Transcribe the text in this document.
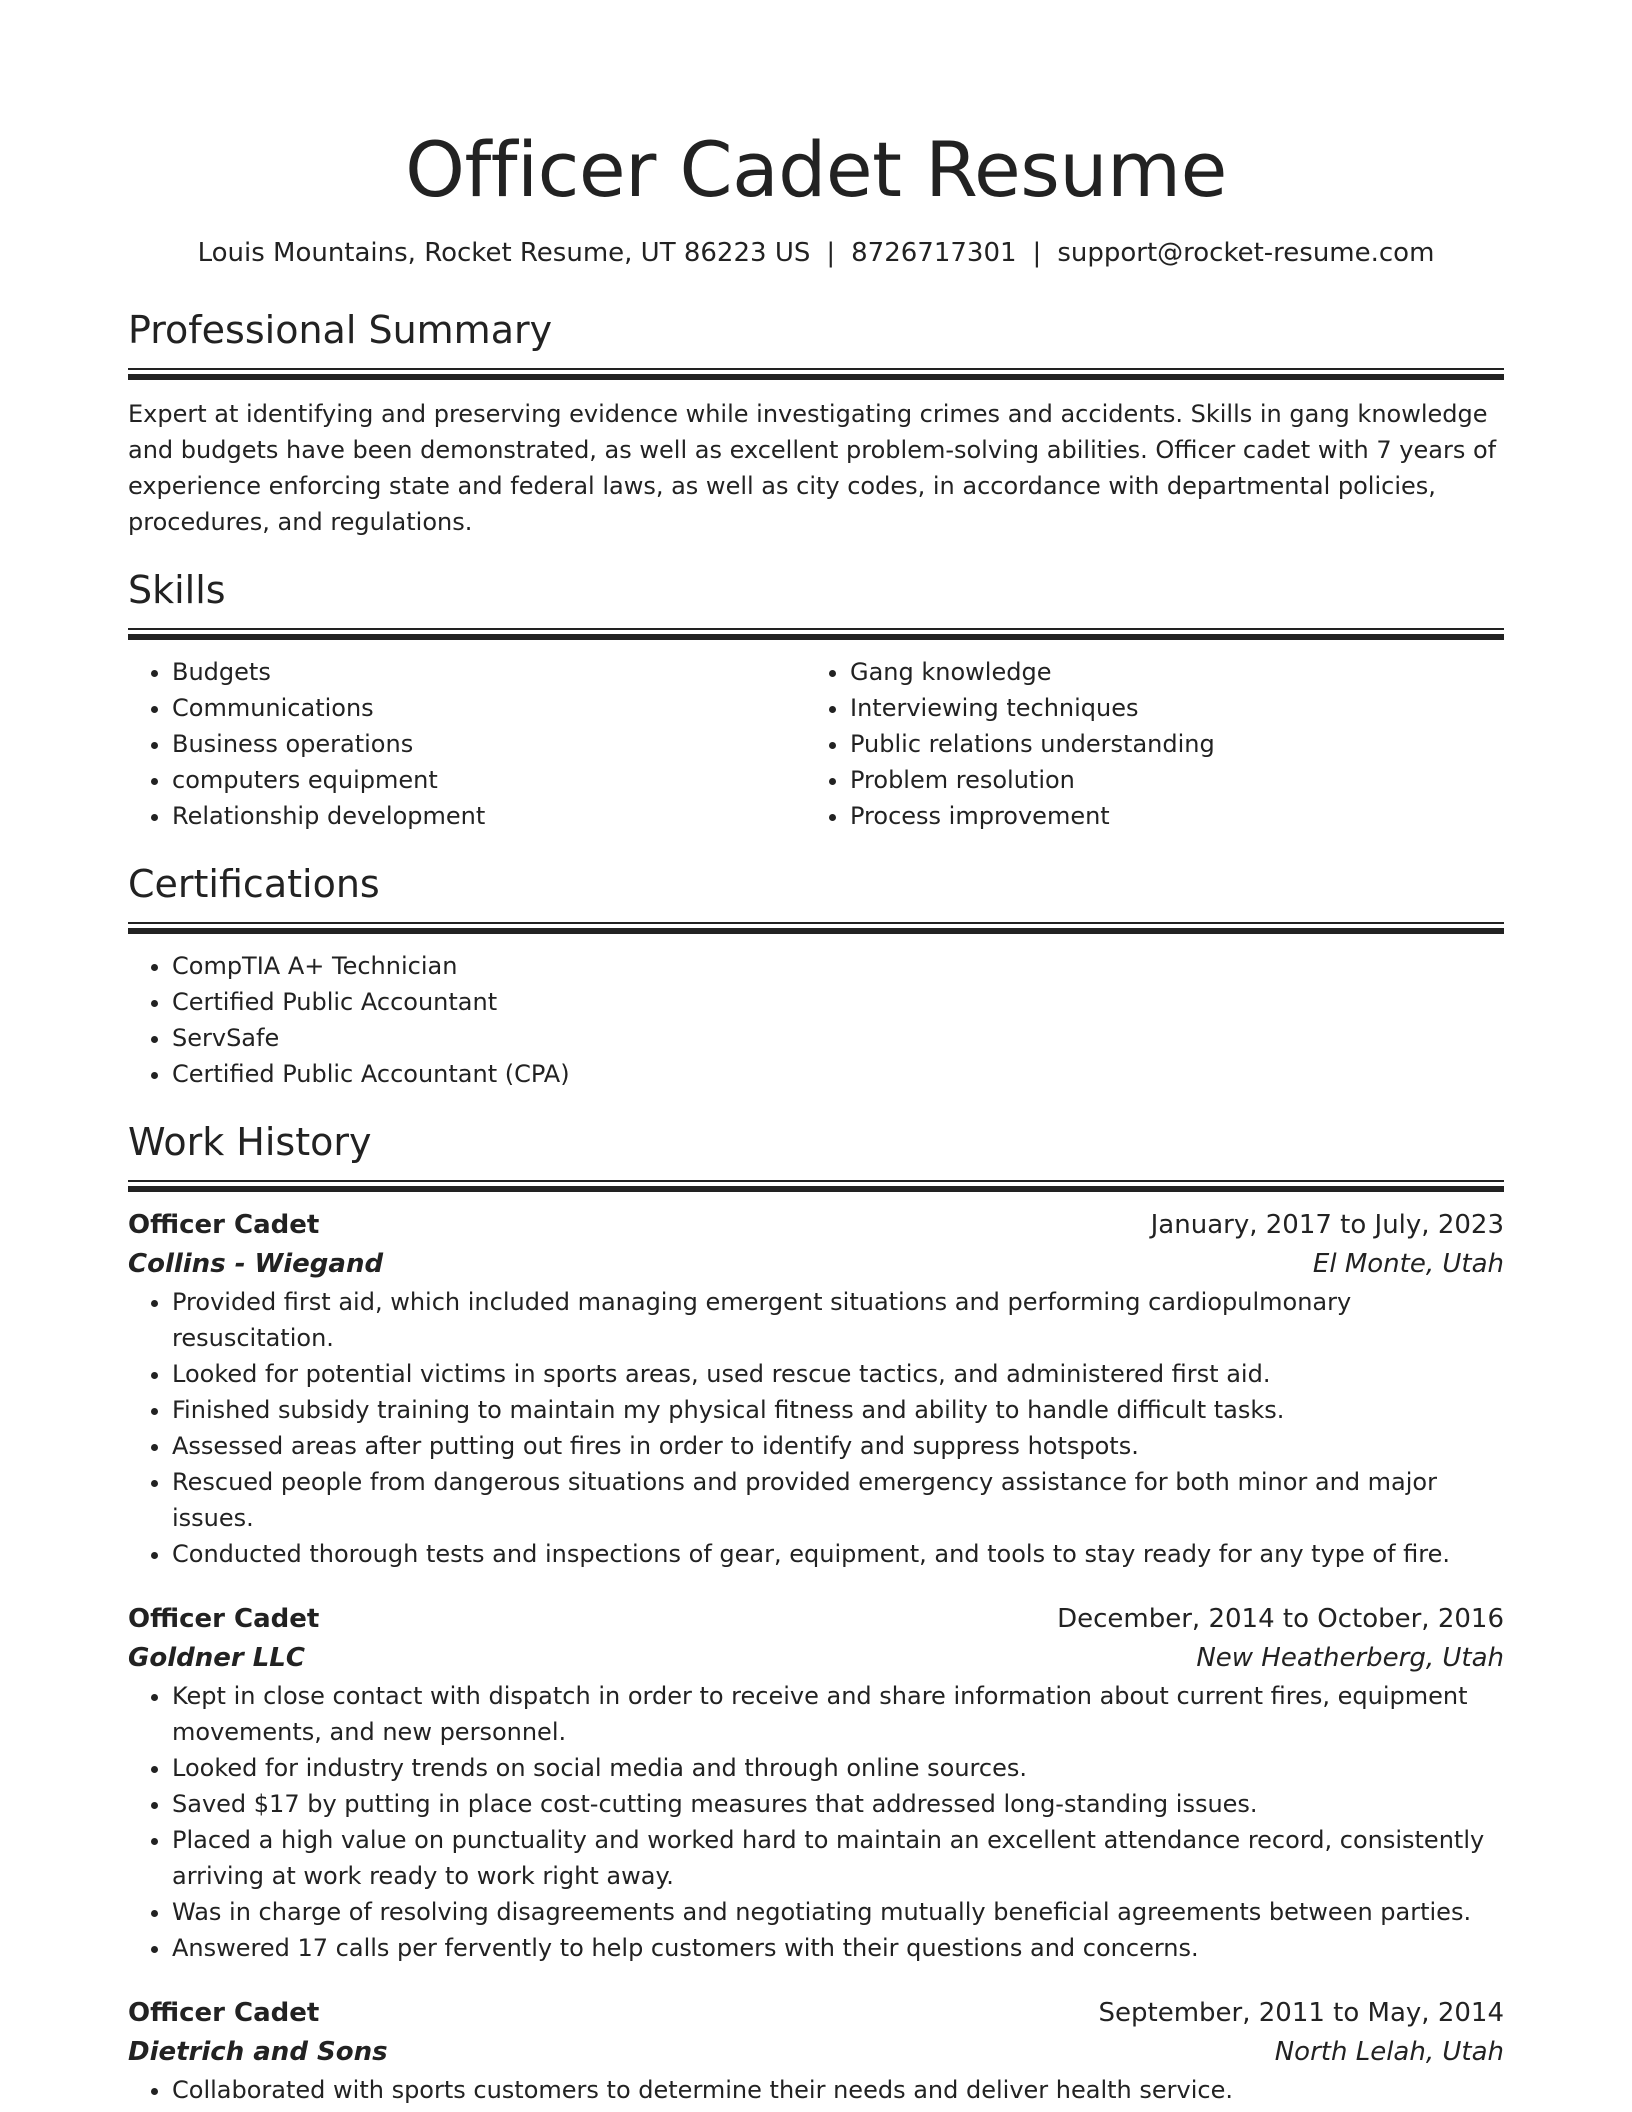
Officer Cadet Resume
Louis Mountains, Rocket Resume, UT 86223 US | 8726717301 | support@rocket-resume.com
Professional Summary

Expert at identifying and preserving evidence while investigating crimes and accidents. Skills in gang knowledge and budgets have been demonstrated, as well as excellent problem-solving abilities. Officer cadet with 7 years of experience enforcing state and federal laws, as well as city codes, in accordance with departmental policies, procedures, and regulations.

Skills
• Budgets
• Communications
• Business operations
• computers equipment
• Relationship development
• Gang knowledge
• Interviewing techniques
• Public relations understanding
• Problem resolution
• Process improvement
Certifications
• CompTIA A+ Technician
• Certified Public Accountant
• ServSafe
• Certified Public Accountant (CPA)
Work History
Officer Cadet	January, 2017 to July, 2023
Collins - Wiegand	El Monte, Utah
• Provided first aid, which included managing emergent situations and performing cardiopulmonary resuscitation.
• Looked for potential victims in sports areas, used rescue tactics, and administered first aid.
• Finished subsidy training to maintain my physical fitness and ability to handle difficult tasks.
• Assessed areas after putting out fires in order to identify and suppress hotspots.
• Rescued people from dangerous situations and provided emergency assistance for both minor and major issues.
• Conducted thorough tests and inspections of gear, equipment, and tools to stay ready for any type of fire.
Officer Cadet	December, 2014 to October, 2016
Goldner LLC	New Heatherberg, Utah
• Kept in close contact with dispatch in order to receive and share information about current fires, equipment movements, and new personnel.
• Looked for industry trends on social media and through online sources.
• Saved $17 by putting in place cost-cutting measures that addressed long-standing issues.
• Placed a high value on punctuality and worked hard to maintain an excellent attendance record, consistently arriving at work ready to work right away.
• Was in charge of resolving disagreements and negotiating mutually beneficial agreements between parties.
• Answered 17 calls per fervently to help customers with their questions and concerns.
Officer Cadet	September, 2011 to May, 2014
Dietrich and Sons	North Lelah, Utah
• Collaborated with sports customers to determine their needs and deliver health service.
